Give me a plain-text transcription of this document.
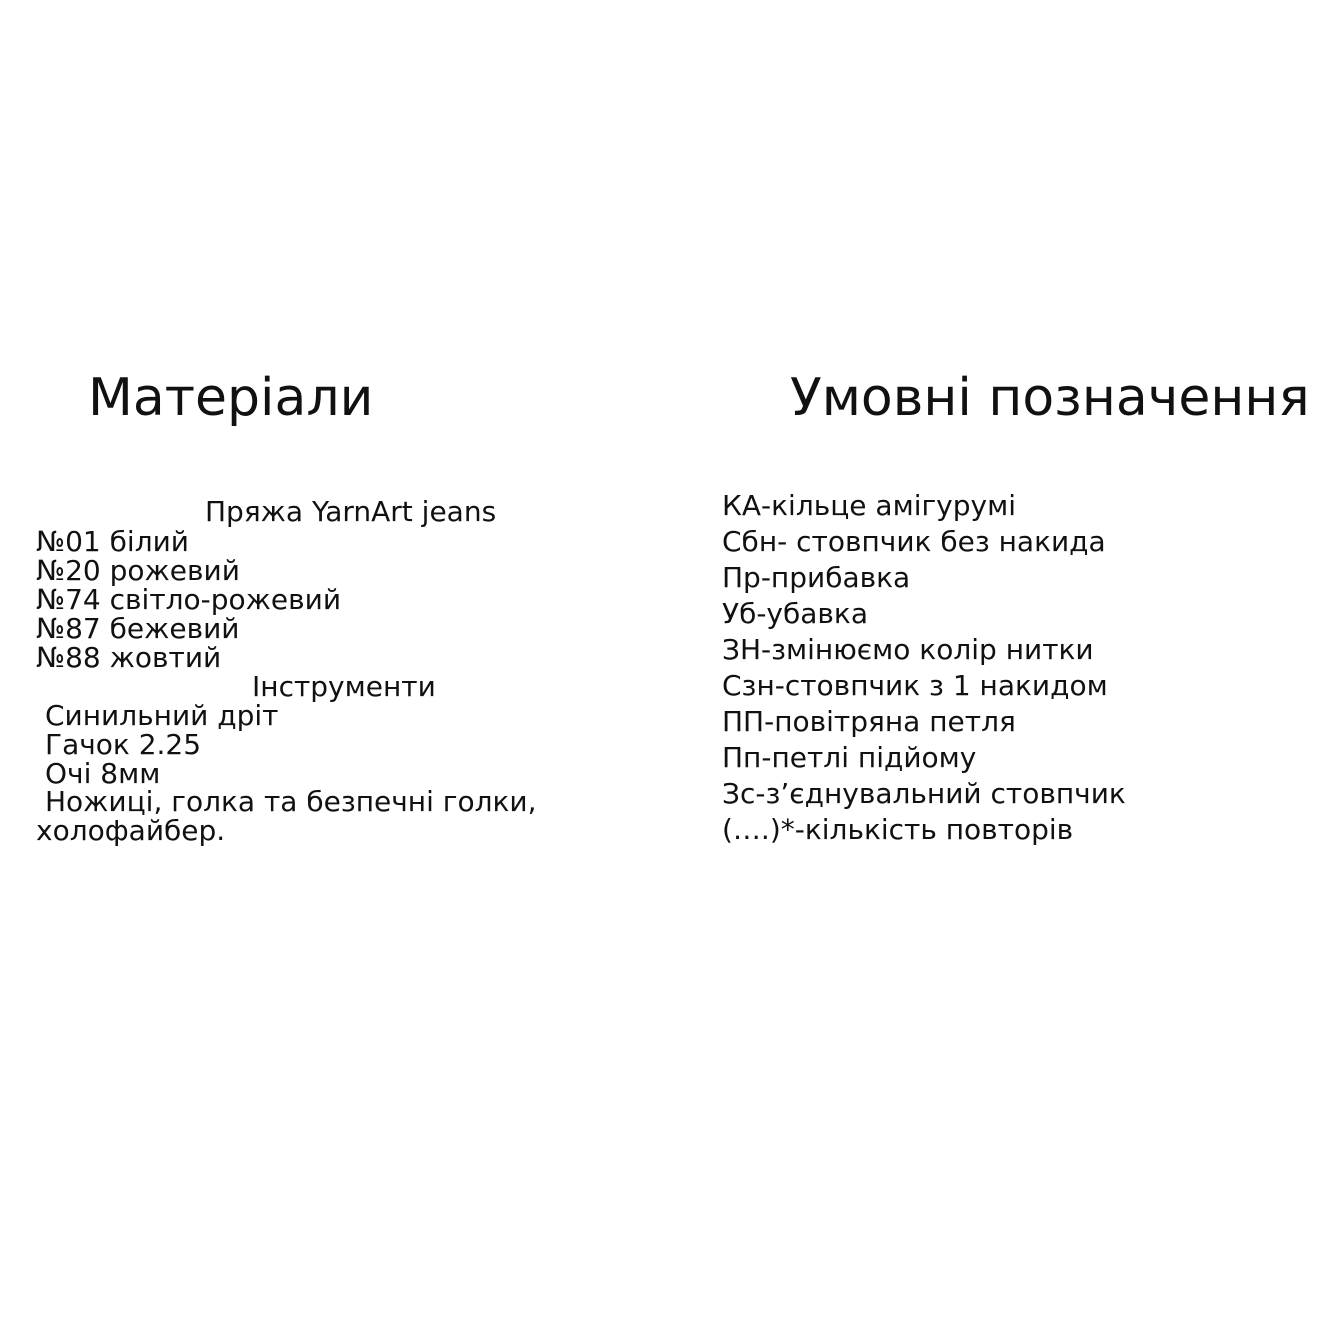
Матеріали	Умовні позначення

Пряжа YarnArt jeans

№01 білий

№20 рожевий

№74 світло-рожевий

№87 бежевий

№88 жовтий

Інструменти

Синильний дріт

Гачок 2.25

Очі 8мм

Ножиці, голка та безпечні голки,

холофайбер.

КА-кільце амігурумі
Сбн- стовпчик без накида
Пр-прибавка
Уб-убавка
ЗН-змінюємо колір нитки
Сзн-стовпчик з 1 накидом
ПП-повітряна петля
Пп-петлі підйому
Зс-з’єднувальний стовпчик
(….)*-кількість повторів
